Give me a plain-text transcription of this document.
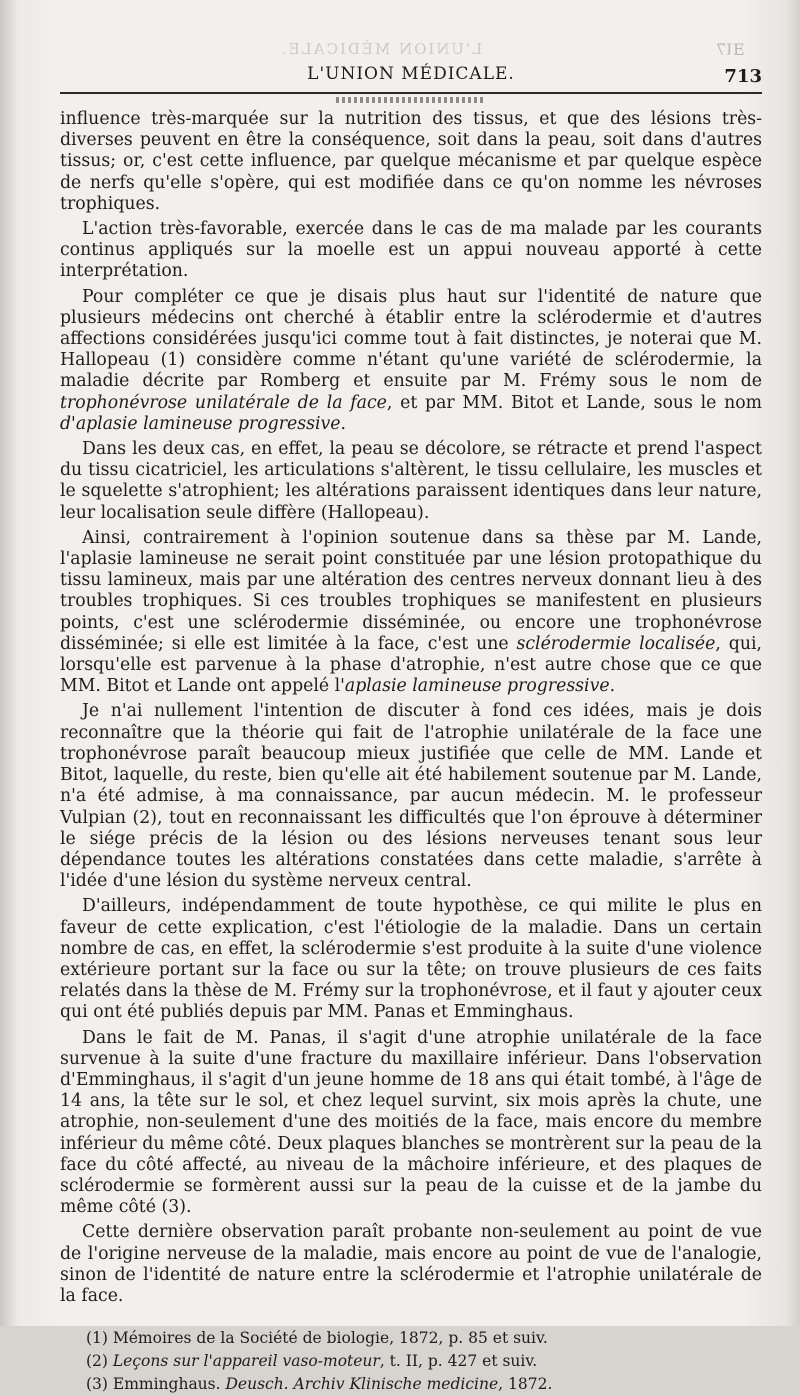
L'UNION MÉDICALE.	ƎƖ7
L'UNION MÉDICALE.	713

influence très-marquée sur la nutrition des tissus, et que des lésions très-diverses peuvent en être la conséquence, soit dans la peau, soit dans d'autres tissus; or, c'est cette influence, par quelque mécanisme et par quelque espèce de nerfs qu'elle s'opère, qui est modifiée dans ce qu'on nomme les névroses trophiques.

L'action très-favorable, exercée dans le cas de ma malade par les courants continus appliqués sur la moelle est un appui nouveau apporté à cette interprétation.

Pour compléter ce que je disais plus haut sur l'identité de nature que plusieurs médecins ont cherché à établir entre la sclérodermie et d'autres affections considérées jusqu'ici comme tout à fait distinctes, je noterai que M. Hallopeau (1) considère comme n'étant qu'une variété de sclérodermie, la maladie décrite par Romberg et ensuite par M. Frémy sous le nom de trophonévrose unilatérale de la face, et par MM. Bitot et Lande, sous le nom d'aplasie lamineuse progressive.

Dans les deux cas, en effet, la peau se décolore, se rétracte et prend l'aspect du tissu cicatriciel, les articulations s'altèrent, le tissu cellulaire, les muscles et le squelette s'atrophient; les altérations paraissent identiques dans leur nature, leur localisation seule diffère (Hallopeau).

Ainsi, contrairement à l'opinion soutenue dans sa thèse par M. Lande, l'aplasie lamineuse ne serait point constituée par une lésion protopathique du tissu lamineux, mais par une altération des centres nerveux donnant lieu à des troubles trophiques. Si ces troubles trophiques se manifestent en plusieurs points, c'est une sclérodermie disséminée, ou encore une trophonévrose disséminée; si elle est limitée à la face, c'est une sclérodermie localisée, qui, lorsqu'elle est parvenue à la phase d'atrophie, n'est autre chose que ce que MM. Bitot et Lande ont appelé l'aplasie lamineuse progressive.

Je n'ai nullement l'intention de discuter à fond ces idées, mais je dois reconnaître que la théorie qui fait de l'atrophie unilatérale de la face une trophonévrose paraît beaucoup mieux justifiée que celle de MM. Lande et Bitot, laquelle, du reste, bien qu'elle ait été habilement soutenue par M. Lande, n'a été admise, à ma connaissance, par aucun médecin. M. le professeur Vulpian (2), tout en reconnaissant les difficultés que l'on éprouve à déterminer le siége précis de la lésion ou des lésions nerveuses tenant sous leur dépendance toutes les altérations constatées dans cette maladie, s'arrête à l'idée d'une lésion du système nerveux central.

D'ailleurs, indépendamment de toute hypothèse, ce qui milite le plus en faveur de cette explication, c'est l'étiologie de la maladie. Dans un certain nombre de cas, en effet, la sclérodermie s'est produite à la suite d'une violence extérieure portant sur la face ou sur la tête; on trouve plusieurs de ces faits relatés dans la thèse de M. Frémy sur la trophonévrose, et il faut y ajouter ceux qui ont été publiés depuis par MM. Panas et Emminghaus.

Dans le fait de M. Panas, il s'agit d'une atrophie unilatérale de la face survenue à la suite d'une fracture du maxillaire inférieur. Dans l'observation d'Emminghaus, il s'agit d'un jeune homme de 18 ans qui était tombé, à l'âge de 14 ans, la tête sur le sol, et chez lequel survint, six mois après la chute, une atrophie, non-seulement d'une des moitiés de la face, mais encore du membre inférieur du même côté. Deux plaques blanches se montrèrent sur la peau de la face du côté affecté, au niveau de la mâchoire inférieure, et des plaques de sclérodermie se formèrent aussi sur la peau de la cuisse et de la jambe du même côté (3).

Cette dernière observation paraît probante non-seulement au point de vue de l'origine nerveuse de la maladie, mais encore au point de vue de l'analogie, sinon de l'identité de nature entre la sclérodermie et l'atrophie unilatérale de la face.

(1) Mémoires de la Société de biologie, 1872, p. 85 et suiv.
(2) Leçons sur l'appareil vaso-moteur, t. II, p. 427 et suiv.
(3) Emminghaus. Deusch. Archiv Klinische medicine, 1872.
